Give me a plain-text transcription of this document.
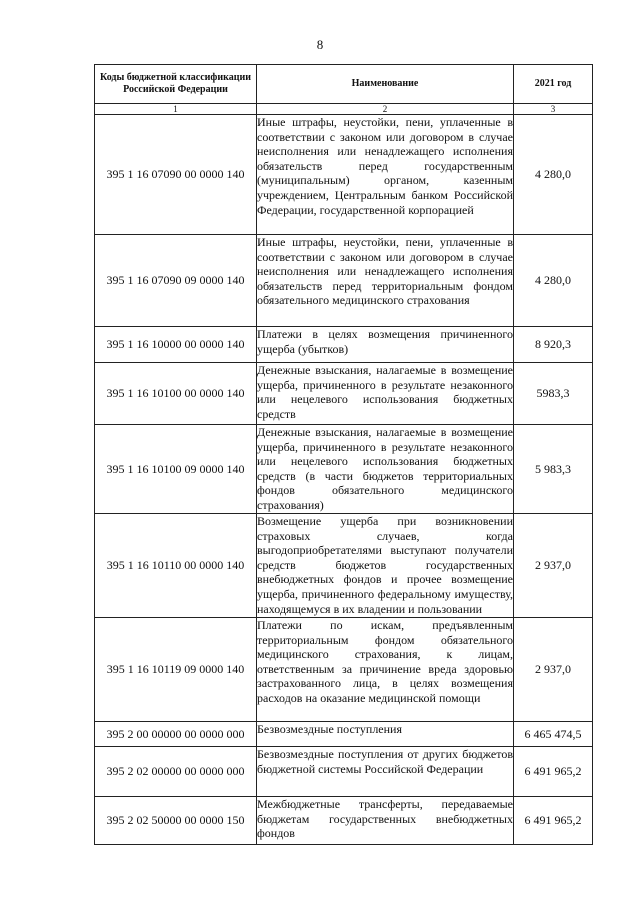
8
Коды бюджетной классификации Российской Федерации	Наименование	2021 год
1	2	3
395 1 16 07090 00 0000 140	Иные штрафы, неустойки, пени, уплаченные в соответствии с законом или договором в случае неисполнения или ненадлежащего исполнения обязательств перед государственным (муниципальным) органом, казенным учреждением, Центральным банком Российской Федерации, государственной корпорацией	4 280,0
395 1 16 07090 09 0000 140	Иные штрафы, неустойки, пени, уплаченные в соответствии с законом или договором в случае неисполнения или ненадлежащего исполнения обязательств перед территориальным фондом обязательного медицинского страхования	4 280,0
395 1 16 10000 00 0000 140	Платежи в целях возмещения причиненного ущерба (убытков)	8 920,3
395 1 16 10100 00 0000 140	Денежные взыскания, налагаемые в возмещение ущерба, причиненного в результате незаконного или нецелевого использования бюджетных средств	5983,3
395 1 16 10100 09 0000 140	Денежные взыскания, налагаемые в возмещение ущерба, причиненного в результате незаконного или нецелевого использования бюджетных средств (в части бюджетов территориальных фондов обязательного медицинского страхования)	5 983,3
395 1 16 10110 00 0000 140	Возмещение ущерба при возникновении страховых случаев, когда выгодоприобретателями выступают получатели средств бюджетов государственных внебюджетных фондов и прочее возмещение ущерба, причиненного федеральному имуществу, находящемуся в их владении и пользовании	2 937,0
395 1 16 10119 09 0000 140	Платежи по искам, предъявленным территориальным фондом обязательного медицинского страхования, к лицам, ответственным за причинение вреда здоровью застрахованного лица, в целях возмещения расходов на оказание медицинской помощи	2 937,0
395 2 00 00000 00 0000 000	Безвозмездные поступления	6 465 474,5
395 2 02 00000 00 0000 000	Безвозмездные поступления от других бюджетов бюджетной системы Российской Федерации	6 491 965,2
395 2 02 50000 00 0000 150	Межбюджетные трансферты, передаваемые бюджетам государственных внебюджетных фондов	6 491 965,2
